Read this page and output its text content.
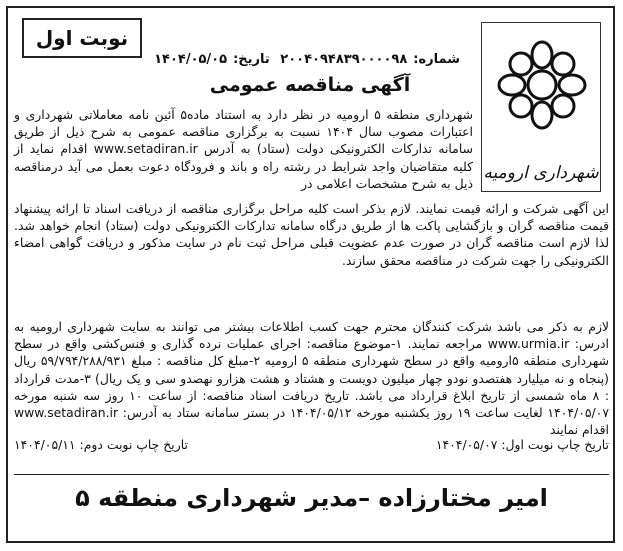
نوبت اول
شهرداری ارومیه
شماره:۲۰۰۴۰۹۴۸۳۹۰۰۰۰۹۸ تاریخ:۱۴۰۴/۰۵/۰۵
آگهی مناقصه عمومی
شهرداری منطقه ۵ ارومیه در نظر دارد به استناد ماده۵ آئین نامه معاملاتی شهرداری و اعتبارات مصوب سال ۱۴۰۴ نسبت به برگزاری مناقصه عمومی به شرح ذیل از طریق سامانه تدارکات الکترونیکی دولت (ستاد) به آدرس www.setadiran.ir اقدام نماید از کلیه متقاضیان واجد شرایط در رشته راه و باند و فرودگاه دعوت بعمل می آید درمناقصه ذیل به شرح مشخصات اعلامی در
این آگهی شرکت و ارائه قیمت نمایند. لازم بذکر است کلیه مراحل برگزاری مناقصه از دریافت اسناد تا ارائه پیشنهاد قیمت مناقصه گران و بازگشایی پاکت ها از طریق درگاه سامانه تدارکات الکترونیکی دولت (ستاد) انجام خواهد شد. لذا لازم است مناقصه گران در صورت عدم عضویت قبلی مراحل ثبت نام در سایت مذکور و دریافت گواهی امضاء الکترونیکی را جهت شرکت در مناقصه محقق سازند.
لازم به ذکر می باشد شرکت کنندگان محترم جهت کسب اطلاعات بیشتر می توانند به سایت شهرداری ارومیه به ادرس: www.urmia.ir مراجعه نمایند. ۱-موضوع مناقصه: اجرای عملیات نرده گذاری و فنس‌کشی واقع در سطح شهرداری منطقه ۵ارومیه واقع در سطح شهرداری منطقه ۵ ارومیه ۲-مبلغ کل مناقصه : مبلغ ۵۹/۷۹۴/۲۸۸/۹۳۱ ریال (پنجاه و نه میلیارد هفتصدو نودو چهار میلیون دویست و هشتاد و هشت هزارو نهصدو سی و یک ریال) ۳-مدت قرارداد : ۸ ماه شمسی از تاریخ ابلاغ قرارداد می باشد. تاریخ دریافت اسناد مناقصه: از ساعت ۱۰ روز سه شنبه مورخه ۱۴۰۴/۰۵/۰۷ لغایت ساعت ۱۹ روز یکشنبه مورخه ۱۴۰۴/۰۵/۱۲ در بستر سامانه ستاد به آدرس: www.setadiran.ir اقدام نمایند
تاریخ چاپ نوبت اول: ۱۴۰۴/۰۵/۰۷
تاریخ چاپ نوبت دوم: ۱۴۰۴/۰۵/۱۱
امیر مختارزاده –مدیر شهرداری منطقه ۵
